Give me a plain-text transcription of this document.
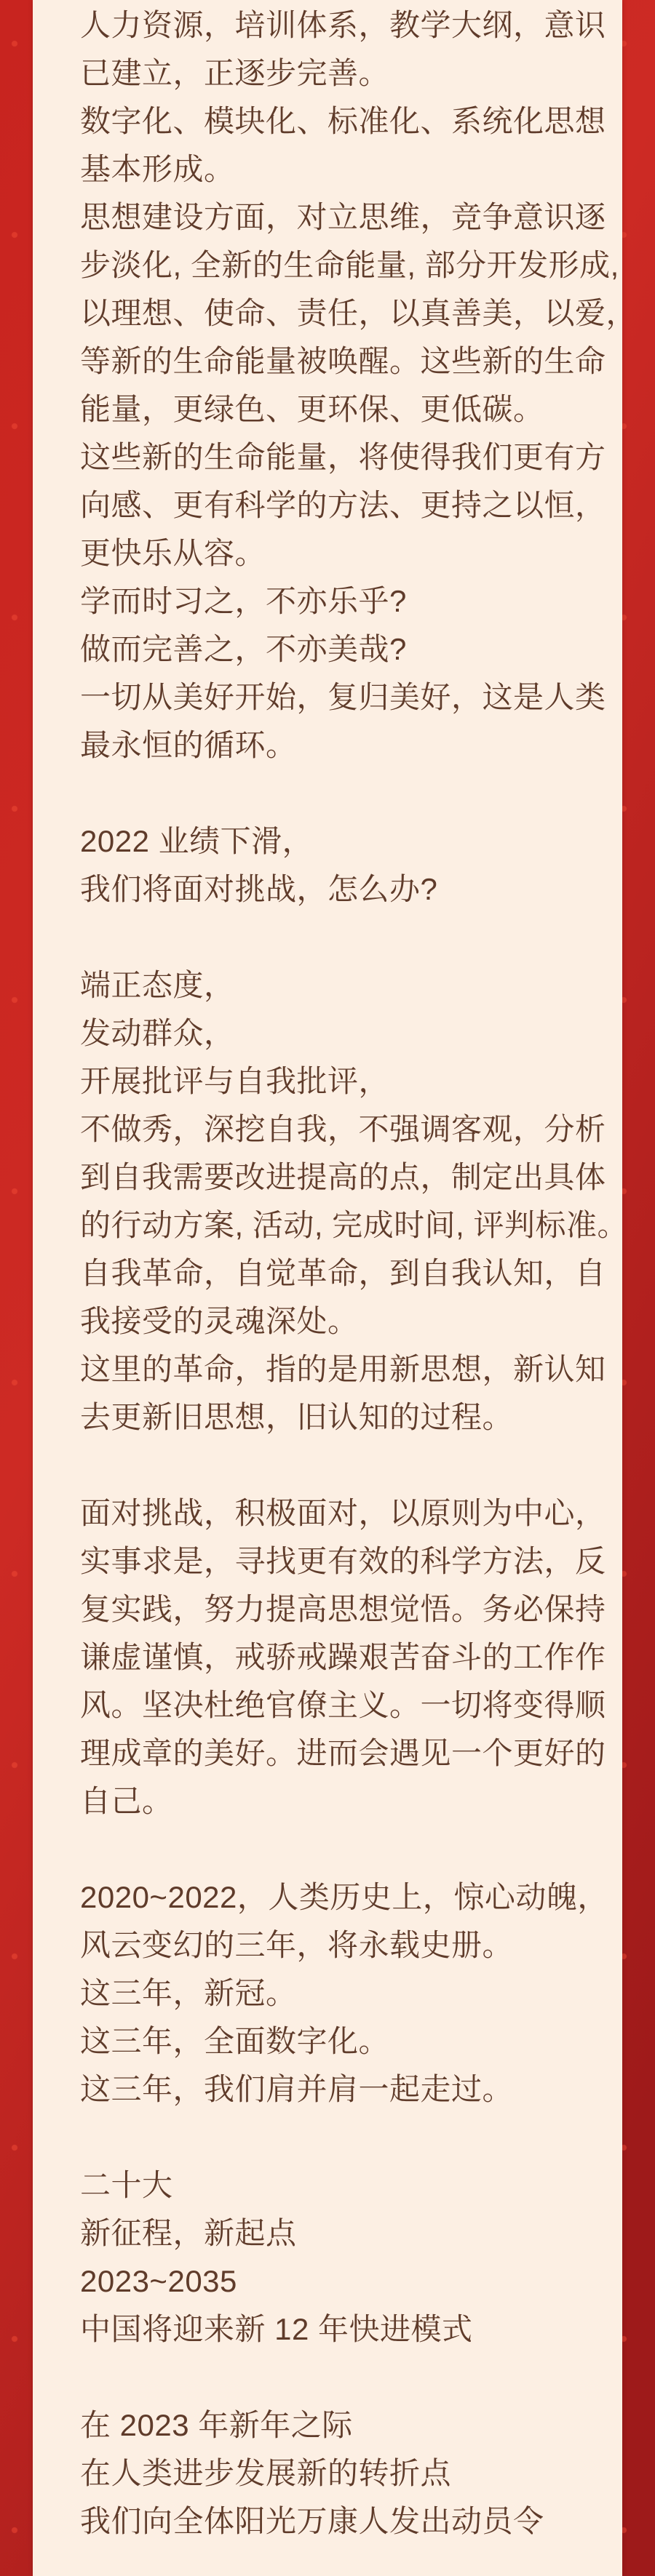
人力资源，培训体系，教学大纲，意识
已建立，正逐步完善。
数字化、模块化、标准化、系统化思想
基本形成。
思想建设方面，对立思维，竞争意识逐
步淡化, 全新的生命能量, 部分开发形成,
以理想、使命、责任，以真善美，以爱，
等新的生命能量被唤醒。这些新的生命
能量，更绿色、更环保、更低碳。
这些新的生命能量，将使得我们更有方
向感、更有科学的方法、更持之以恒，
更快乐从容。
学而时习之，不亦乐乎?
做而完善之，不亦美哉?
一切从美好开始，复归美好，这是人类
最永恒的循环。
2022 业绩下滑，
我们将面对挑战，怎么办?
端正态度，
发动群众，
开展批评与自我批评，
不做秀，深挖自我，不强调客观，分析
到自我需要改进提高的点，制定出具体
的行动方案, 活动, 完成时间, 评判标准。
自我革命，自觉革命，到自我认知，自
我接受的灵魂深处。
这里的革命，指的是用新思想，新认知
去更新旧思想，旧认知的过程。
面对挑战，积极面对，以原则为中心，
实事求是，寻找更有效的科学方法，反
复实践，努力提高思想觉悟。务必保持
谦虚谨慎，戒骄戒躁艰苦奋斗的工作作
风。坚决杜绝官僚主义。一切将变得顺
理成章的美好。进而会遇见一个更好的
自己。
2020~2022，人类历史上，惊心动魄，
风云变幻的三年，将永载史册。
这三年，新冠。
这三年，全面数字化。
这三年，我们肩并肩一起走过。
二十大
新征程，新起点
2023~2035
中国将迎来新 12 年快进模式
在 2023 年新年之际
在人类进步发展新的转折点
我们向全体阳光万康人发出动员令
